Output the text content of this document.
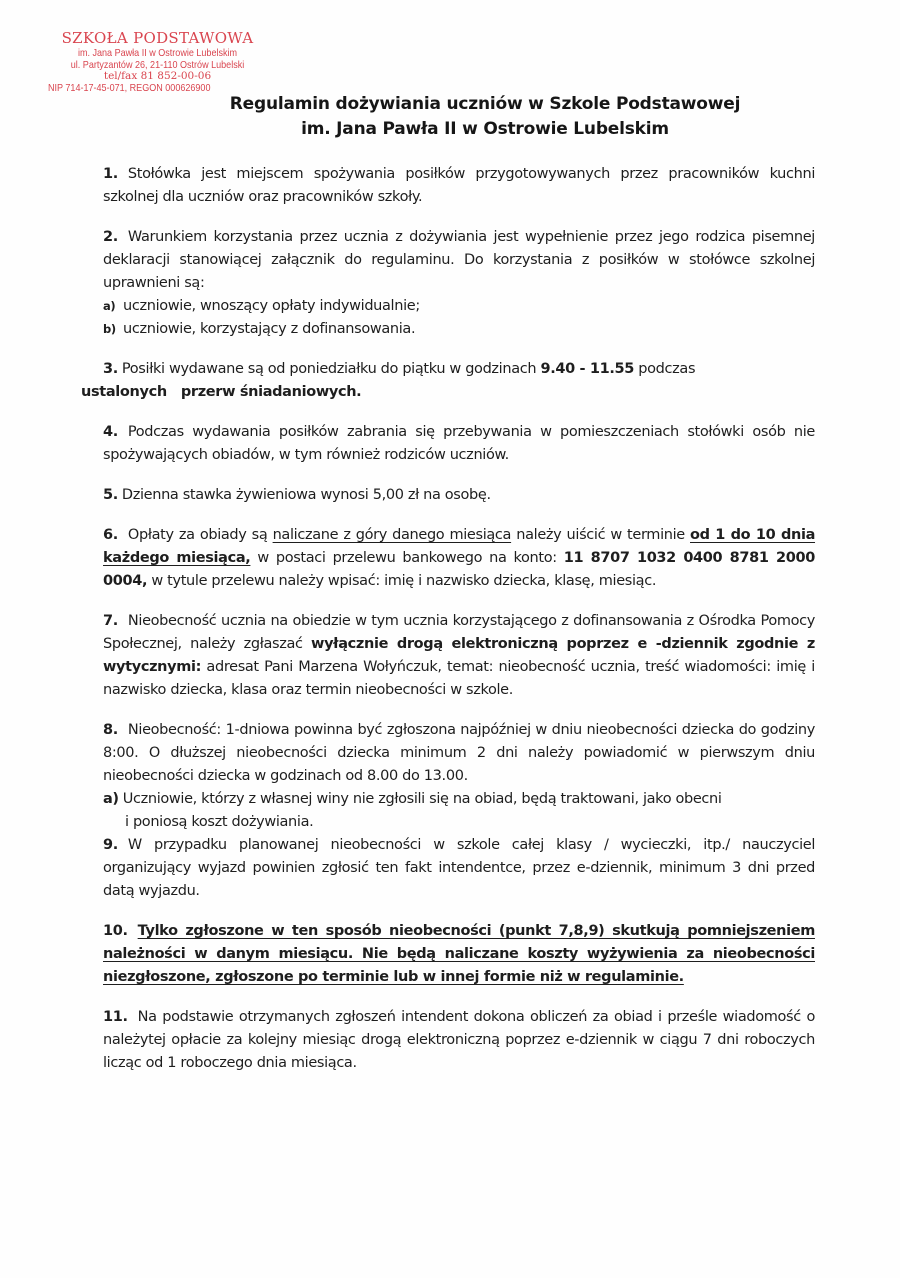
SZKOŁA PODSTAWOWA
im. Jana Pawła II w Ostrowie Lubelskim
ul. Partyzantów 26, 21-110 Ostrów Lubelski
tel/fax 81 852-00-06
NIP 714-17-45-071, REGON 000626900
Regulamin dożywiania uczniów w Szkole Podstawowej
im. Jana Pawła II w Ostrowie Lubelskim

1. Stołówka jest miejscem spożywania posiłków przygotowywanych przez pracowników kuchni szkolnej dla uczniów oraz pracowników szkoły.

2. Warunkiem korzystania przez ucznia z dożywiania jest wypełnienie przez jego rodzica pisemnej deklaracji stanowiącej załącznik do regulaminu. Do korzystania z posiłków w stołówce szkolnej uprawnieni są:

a) uczniowie, wnoszący opłaty indywidualnie;
b) uczniowie, korzystający z dofinansowania.

3. Posiłki wydawane są od poniedziałku do piątku w godzinach 9.40 - 11.55 podczas
ustalonych   przerw śniadaniowych.

4. Podczas wydawania posiłków zabrania się przebywania w pomieszczeniach stołówki osób nie spożywających obiadów, w tym również rodziców uczniów.

5. Dzienna stawka żywieniowa wynosi 5,00 zł na osobę.

6. Opłaty za obiady są naliczane z góry danego miesiąca należy uiścić w terminie od 1 do 10 dnia każdego miesiąca, w postaci przelewu bankowego na konto: 11 8707 1032 0400 8781 2000 0004, w tytule przelewu należy wpisać: imię i nazwisko dziecka, klasę, miesiąc.

7. Nieobecność ucznia na obiedzie w tym ucznia korzystającego z dofinansowania z Ośrodka Pomocy Społecznej, należy zgłaszać wyłącznie drogą elektroniczną poprzez e -dziennik zgodnie z wytycznymi: adresat Pani Marzena Wołyńczuk, temat: nieobecność ucznia, treść wiadomości: imię i nazwisko dziecka, klasa oraz termin nieobecności w szkole.

8. Nieobecność: 1-dniowa powinna być zgłoszona najpóźniej w dniu nieobecności dziecka do godziny 8:00. O dłuższej nieobecności dziecka minimum 2 dni należy powiadomić w pierwszym dniu nieobecności dziecka w godzinach od 8.00 do 13.00.

a) Uczniowie, którzy z własnej winy nie zgłosili się na obiad, będą traktowani, jako obecni
i poniosą koszt dożywiania.

9. W przypadku planowanej nieobecności w szkole całej klasy / wycieczki, itp./ nauczyciel organizujący wyjazd powinien zgłosić ten fakt intendentce, przez e-dziennik, minimum 3 dni przed datą wyjazdu.

10. Tylko zgłoszone w ten sposób nieobecności (punkt 7,8,9) skutkują pomniejszeniem należności w danym miesiącu. Nie będą naliczane koszty wyżywienia za nieobecności niezgłoszone, zgłoszone po terminie lub w innej formie niż w regulaminie.

11. Na podstawie otrzymanych zgłoszeń intendent dokona obliczeń za obiad i prześle wiadomość o należytej opłacie za kolejny miesiąc drogą elektroniczną poprzez e-dziennik w ciągu 7 dni roboczych licząc od 1 roboczego dnia miesiąca.
